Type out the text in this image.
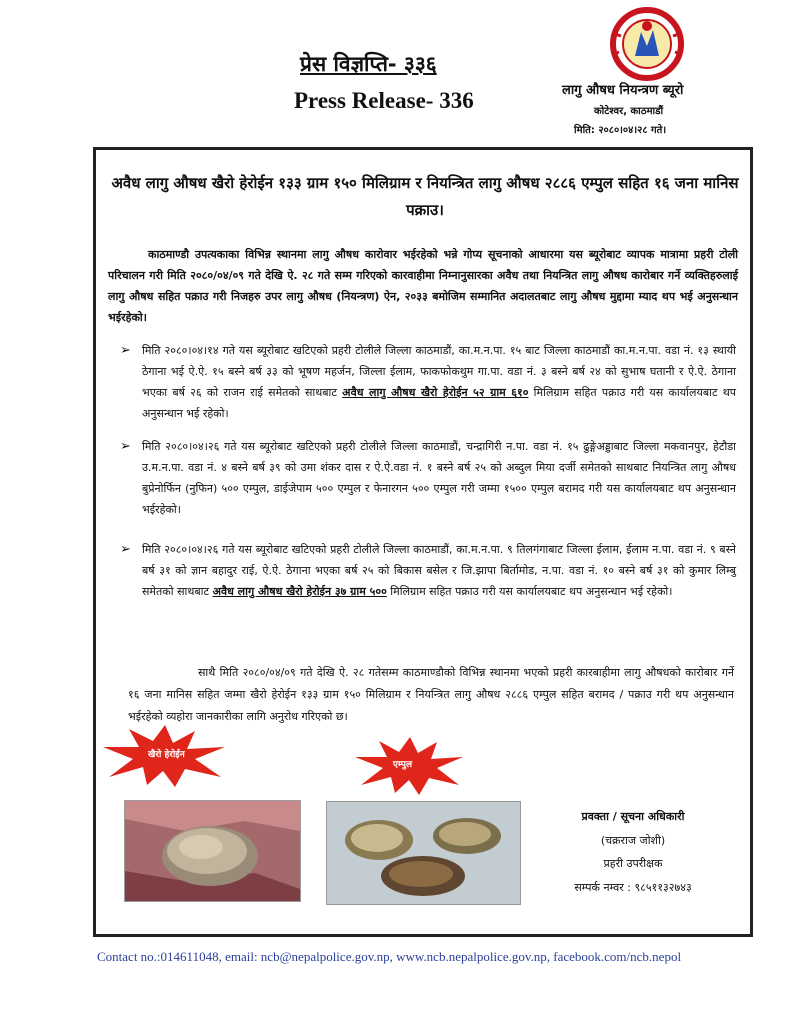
प्रेस विज्ञप्ति- ३३६
Press Release- 336	लागु औषध नियन्त्रण ब्यूरो
कोटेश्वर, काठमाडौं
मिति: २०८०।०४।२८ गते।
अवैध लागु औषध खैरो हेरोईन १३३ ग्राम १५० मिलिग्राम र नियन्त्रित लागु औषध २८८६ एम्पुल सहित १६ जना मानिस पक्राउ।
काठमाण्डौ उपत्यकाका विभिन्न स्थानमा लागु औषध कारोवार भईरहेको भन्ने गोप्य सूचनाको आधारमा यस ब्यूरोबाट व्यापक मात्रामा प्रहरी टोली परिचालन गरी मिति २०८०/०४/०९ गते देखि ऐ. २८ गते सम्म गरिएको कारवाहीमा निम्नानुसारका अवैध तथा नियन्त्रित लागु औषध कारोबार गर्ने व्यक्तिहरुलाई लागु औषध सहित पक्राउ गरी निजहरु उपर लागु औषध (नियन्त्रण) ऐन, २०३३ बमोजिम सम्मानित अदालतबाट लागु औषध मुद्दामा म्याद थप भई अनुसन्धान भईरहेको।
➢	मिति २०८०।०४।१४ गते यस ब्यूरोबाट खटिएको प्रहरी टोलीले जिल्ला काठमाडौं, का.म.न.पा. १५ बाट जिल्ला काठमाडौं का.म.न.पा. वडा नं. १३ स्थायी ठेगाना भई ऐ.ऐ. १५ बस्ने बर्ष ३३ को भूषण महर्जन, जिल्ला ईलाम, फाकफोकथुम गा.पा. वडा नं. ३ बस्ने बर्ष २४ को सुभाष घतानी र ऐ.ऐ. ठेगाना भएका बर्ष २६ को राजन राई समेतको साथबाट अवैध लागु औषध खैरो हेरोईन ५२ ग्राम ६१० मिलिग्राम सहित पक्राउ गरी यस कार्यालयबाट थप अनुसन्धान भई रहेको।
➢	मिति २०८०।०४।२६ गते यस ब्यूरोबाट खटिएको प्रहरी टोलीले जिल्ला काठमाडौं, चन्द्रागिरी न.पा. वडा नं. १५ ढुङ्गेअड्डाबाट जिल्ला मकवानपुर, हेटौडा उ.म.न.पा. वडा नं. ४ बस्ने बर्ष ३९ को उमा शंकर दास र ऐ.ऐ.वडा नं. १ बस्ने बर्ष २५ को अब्दुल मिया दर्जी समेतको साथबाट नियन्त्रित लागु औषध बुप्रेनोर्फिन (नुफिन) ५०० एम्पुल, डाईजेपाम ५०० एम्पुल र फेनारगन ५०० एम्पुल गरी जम्मा १५०० एम्पुल बरामद गरी यस कार्यालयबाट थप अनुसन्धान भईरहेको।
➢	मिति २०८०।०४।२६ गते यस ब्यूरोबाट खटिएको प्रहरी टोलीले जिल्ला काठमाडौं, का.म.न.पा. ९ तिलगंगाबाट जिल्ला ईलाम, ईलाम न.पा. वडा नं. ९ बस्ने बर्ष ३१ को ज्ञान बहादुर राई, ऐ.ऐ. ठेगाना भएका बर्ष २५ को बिकास बसेल र जि.झापा बिर्तामोड, न.पा. वडा नं. १० बस्ने बर्ष ३१ को कुमार लिम्बु समेतको साथबाट अवैध लागु औषध खैरो हेरोईन ३७ ग्राम ५०० मिलिग्राम सहित पक्राउ गरी यस कार्यालयबाट थप अनुसन्धान भई रहेको।
साथै मिति २०८०/०४/०९ गते देखि ऐ. २८ गतेसम्म काठमाण्डौको विभिन्न स्थानमा भएको प्रहरी कारबाहीमा लागु औषधको कारोबार गर्ने १६ जना मानिस सहित जम्मा खैरो हेरोईन १३३ ग्राम १५० मिलिग्राम र नियन्त्रित लागु औषध २८८६ एम्पुल सहित बरामद / पक्राउ गरी थप अनुसन्धान भईरहेको व्यहोरा जानकारीका लागि अनुरोध गरिएको छ।
खैरो हेरोईन
एम्पुल
प्रवक्ता / सूचना अधिकारी
(चक्रराज जोशी)
प्रहरी उपरीक्षक
सम्पर्क नम्वर : ९८५११३२७४३
Contact no.:014611048, email: ncb@nepalpolice.gov.np, www.ncb.nepalpolice.gov.np, facebook.com/ncb.nepol
